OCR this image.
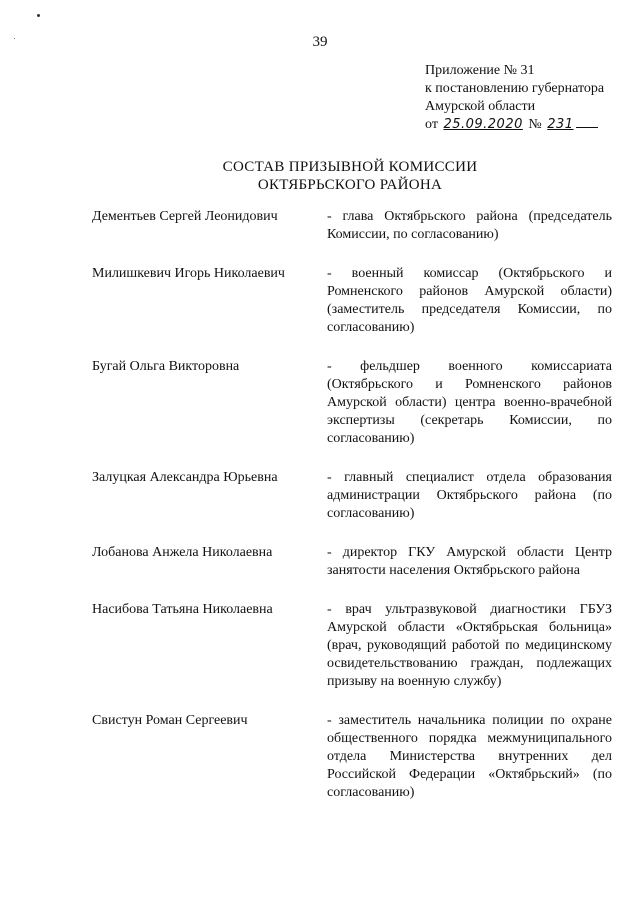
39
Приложение № 31
к постановлению губернатора
Амурской области
от 25.09.2020 № 231
СОСТАВ ПРИЗЫВНОЙ КОМИССИИ
ОКТЯБРЬСКОГО РАЙОНА
Дементьев Сергей Леонидович	- глава Октябрьского района (председатель Комиссии, по согласованию)
Милишкевич Игорь Николаевич	- военный комиссар (Октябрьского и Ромненского районов Амурской области) (заместитель председателя Комиссии, по согласованию)
Бугай Ольга Викторовна	- фельдшер военного комиссариата (Октябрьского и Ромненского районов Амурской области) центра военно-врачебной экспертизы (секретарь Комиссии, по согласованию)
Залуцкая Александра Юрьевна	- главный специалист отдела образования администрации Октябрьского района (по согласованию)
Лобанова Анжела Николаевна	- директор ГКУ Амурской области Центр занятости населения Октябрьского района
Насибова Татьяна Николаевна	- врач ультразвуковой диагностики ГБУЗ Амурской области «Октябрьская больница» (врач, руководящий работой по медицинскому освидетельствованию граждан, подлежащих призыву на военную службу)
Свистун Роман Сергеевич	- заместитель начальника полиции по охране общественного порядка межмуниципального отдела Министерства внутренних дел Российской Федерации «Октябрьский» (по согласованию)
